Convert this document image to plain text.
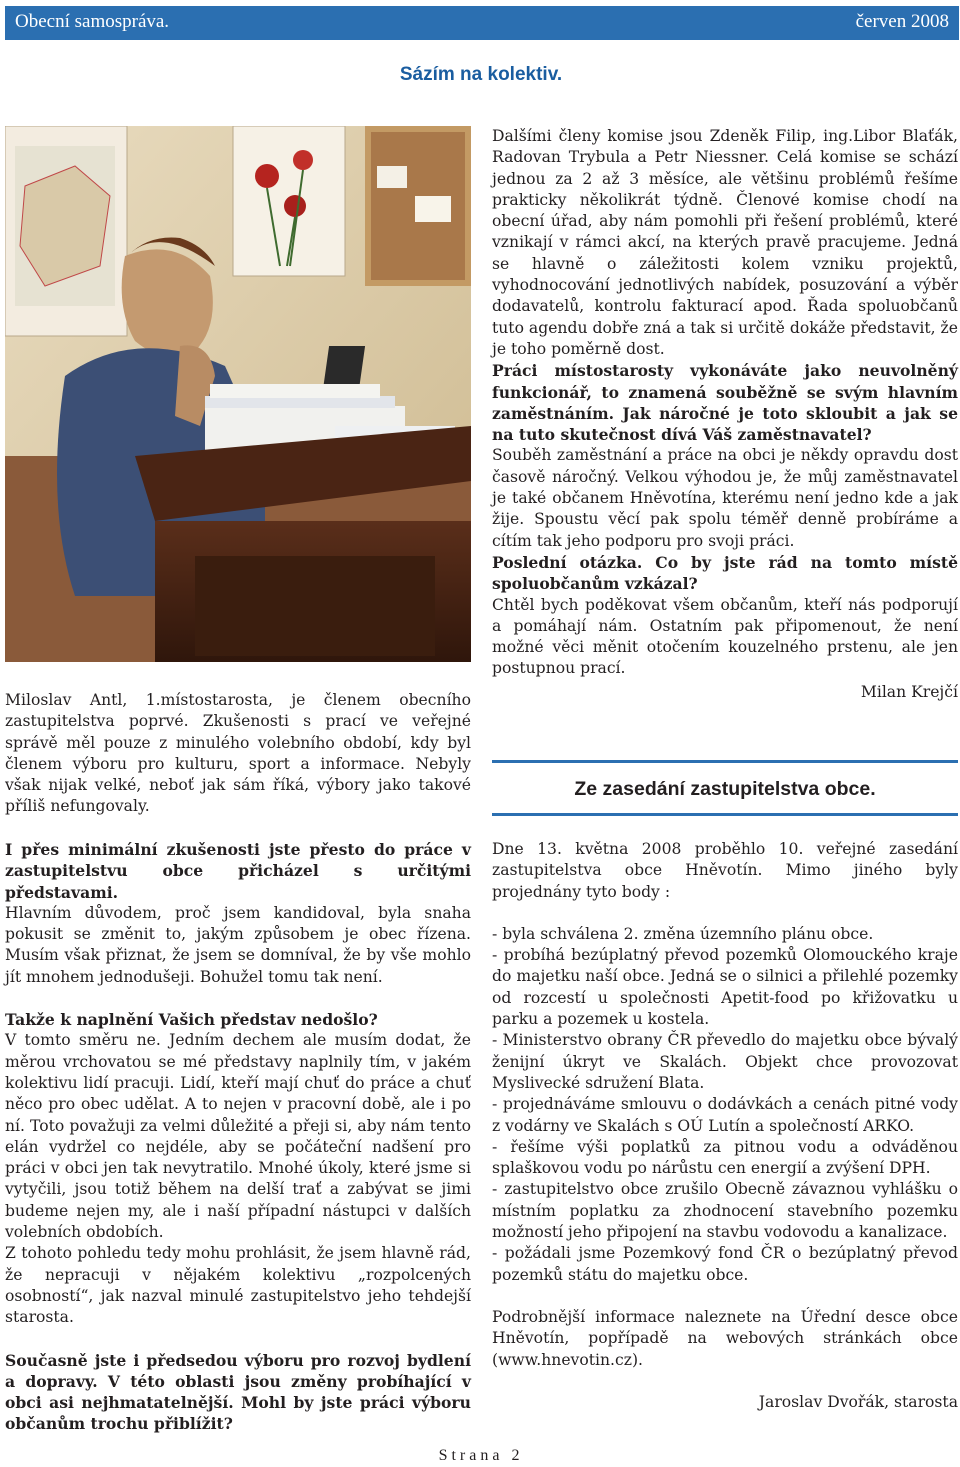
Obecní samospráva.	červen 2008
Sázím na kolektiv.

Miloslav Antl, 1.místostarosta, je členem obecního zastupitelstva poprvé. Zkušenosti s prací ve veřejné správě měl pouze z minulého volebního období, kdy byl členem výboru pro kulturu, sport a informace. Nebyly však nijak velké, neboť jak sám říká, výbory jako takové příliš nefungovaly.

I přes minimální zkušenosti jste přesto do práce v zastupitelstvu obce přicházel s určitými představami.

Hlavním důvodem, proč jsem kandidoval, byla snaha pokusit se změnit to, jakým způsobem je obec řízena. Musím však přiznat, že jsem se domníval, že by vše mohlo jít mnohem jednodušeji. Bohužel tomu tak není.

Takže k naplnění Vašich představ nedošlo?

V tomto směru ne. Jedním dechem ale musím dodat, že měrou vrchovatou se mé představy naplnily tím, v jakém kolektivu lidí pracuji. Lidí, kteří mají chuť do práce a chuť něco pro obec udělat. A to nejen v pracovní době, ale i po ní. Toto považuji za velmi důležité a přeji si, aby nám tento elán vydržel co nejdéle, aby se počáteční nadšení pro práci v obci jen tak nevytratilo. Mnohé úkoly, které jsme si vytyčili, jsou totiž během na delší trať a zabývat se jimi budeme nejen my, ale i naší případní nástupci v dalších volebních obdobích.

Z tohoto pohledu tedy mohu prohlásit, že jsem hlavně rád, že nepracuji v nějakém kolektivu „rozpolcených osobností“, jak nazval minulé zastupitelstvo jeho tehdejší starosta.

Současně jste i předsedou výboru pro rozvoj bydlení a dopravy. V této oblasti jsou změny probíhající v obci asi nejhmatatelnější. Mohl by jste práci výboru občanům trochu přiblížit?

Dalšími členy komise jsou Zdeněk Filip, ing.Libor Blaťák, Radovan Trybula a Petr Niessner. Celá komise se schází jednou za 2 až 3 měsíce, ale většinu problémů řešíme prakticky několikrát týdně. Členové komise chodí na obecní úřad, aby nám pomohli při řešení problémů, které vznikají v rámci akcí, na kterých pravě pracujeme. Jedná se hlavně o záležitosti kolem vzniku projektů, vyhodnocování jednotlivých nabídek, posuzování a výběr dodavatelů, kontrolu fakturací apod. Řada spoluobčanů tuto agendu dobře zná a tak si určitě dokáže představit, že je toho poměrně dost.

Práci místostarosty vykonáváte jako neuvolněný funkcionář, to znamená souběžně se svým hlavním zaměstnáním. Jak náročné je toto skloubit a jak se na tuto skutečnost dívá Váš zaměstnavatel?

Souběh zaměstnání a práce na obci je někdy opravdu dost časově náročný. Velkou výhodou je, že můj zaměstnavatel je také občanem Hněvotína, kterému není jedno kde a jak žije. Spoustu věcí pak spolu téměř denně probíráme a cítím tak jeho podporu pro svoji práci.

Poslední otázka. Co by jste rád na tomto místě spoluobčanům vzkázal?

Chtěl bych poděkovat všem občanům, kteří nás podporují a pomáhají nám. Ostatním pak připomenout, že není možné věci měnit otočením kouzelného prstenu, ale jen postupnou prací.

Milan Krejčí

Ze zasedání zastupitelstva obce.

Dne 13. května 2008 proběhlo 10. veřejné zasedání zastupitelstva obce Hněvotín. Mimo jiného byly projednány tyto body :

- byla schválena 2. změna územního plánu obce.

- probíhá bezúplatný převod pozemků Olomouckého kraje do majetku naší obce. Jedná se o silnici a přilehlé pozemky od rozcestí u společnosti Apetit-food po křižovatku u parku a pozemek u kostela.

- Ministerstvo obrany ČR převedlo do majetku obce bývalý ženijní úkryt ve Skalách. Objekt chce provozovat Myslivecké sdružení Blata.

- projednáváme smlouvu o dodávkách a cenách pitné vody z vodárny ve Skalách s OÚ Lutín a společností ARKO.

- řešíme výši poplatků za pitnou vodu a odváděnou splaškovou vodu po nárůstu cen energií a zvýšení DPH.

- zastupitelstvo obce zrušilo Obecně závaznou vyhlášku o místním poplatku za zhodnocení stavebního pozemku možností jeho připojení na stavbu vodovodu a kanalizace.

- požádali jsme Pozemkový fond ČR o bezúplatný převod pozemků státu do majetku obce.

Podrobnější informace naleznete na Úřední desce obce Hněvotín, popřípadě na webových stránkách obce (www.hnevotin.cz).

Jaroslav Dvořák, starosta

Strana 2
